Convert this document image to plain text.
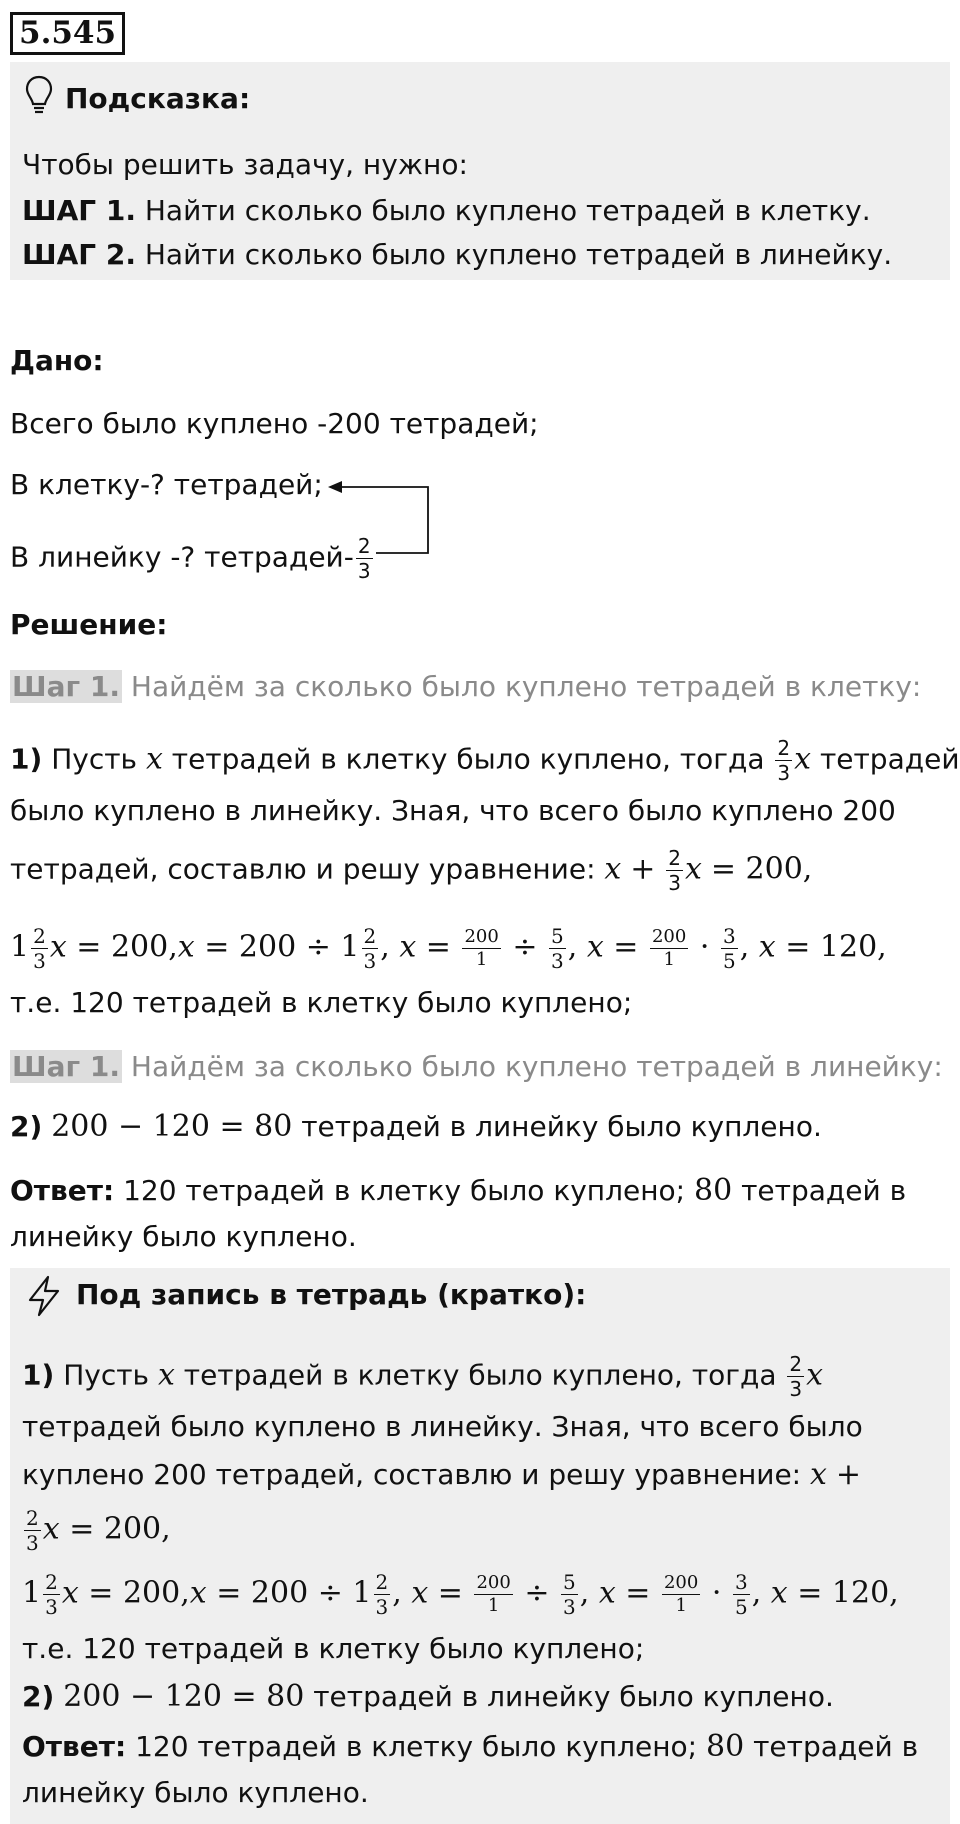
5.545
Подсказка:
Чтобы решить задачу, нужно:
ШАГ 1. Найти сколько было куплено тетрадей в клетку.
ШАГ 2. Найти сколько было куплено тетрадей в линейку.
Дано:
Всего было куплено -200 тетрадей;
В клетку-? тетрадей;
В линейку -? тетрадей- $\frac{2}{3}$
Решение:
Шаг 1. Найдём за сколько было куплено тетрадей в клетку:
1) Пусть x тетрадей в клетку было куплено, тогда $\frac{2}{3}$ x тетрадей
было куплено в линейку. Зная, что всего было куплено 200
тетрадей, составлю и решу уравнение: $x + \frac{2}{3}$ x = 200,
$1 \frac{2}{3}$ $x = 200,x = 200 \div 1 \frac{2}{3}$ , $x = \frac{200}{1} \div \frac{5}{3}$ , $x = \frac{200}{1} \cdot \frac{3}{5}$ , x = 120,
т.е. 120 тетрадей в клетку было куплено;
Шаг 1. Найдём за сколько было куплено тетрадей в линейку:
2) 200 − 120 = 80 тетрадей в линейку было куплено.
Ответ: 120 тетрадей в клетку было куплено; 80 тетрадей в
линейку было куплено.
Под запись в тетрадь (кратко):
1) Пусть x тетрадей в клетку было куплено, тогда $\frac{2}{3}$ x
тетрадей было куплено в линейку. Зная, что всего было
куплено 200 тетрадей, составлю и решу уравнение: x +
$\frac{2}{3}$ x = 200,
$1 \frac{2}{3}$ $x = 200,x = 200 \div 1 \frac{2}{3}$ , $x = \frac{200}{1} \div \frac{5}{3}$ , $x = \frac{200}{1} \cdot \frac{3}{5}$ , x = 120,
т.е. 120 тетрадей в клетку было куплено;
2) 200 − 120 = 80 тетрадей в линейку было куплено.
Ответ: 120 тетрадей в клетку было куплено; 80 тетрадей в
линейку было куплено.
